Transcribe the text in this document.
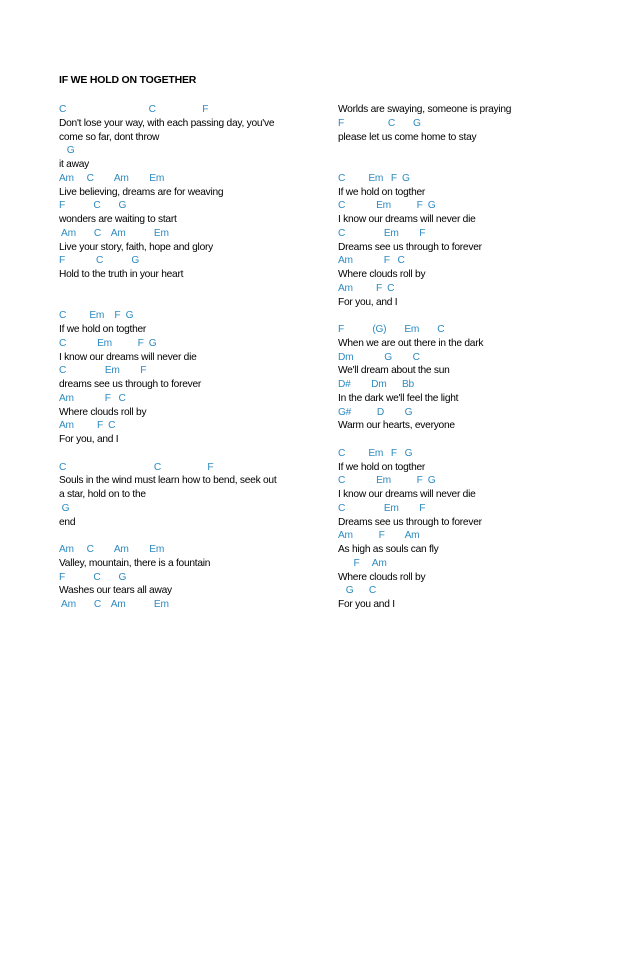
IF WE HOLD ON TOGETHER
C                                C                  F
Don't lose your way, with each passing day, you've
come so far, dont throw
G
it away
Am     C        Am        Em
Live believing, dreams are for weaving
F           C       G
wonders are waiting to start
Am       C    Am           Em
Live your story, faith, hope and glory
F            C           G
Hold to the truth in your heart
C         Em    F  G
If we hold on togther
C            Em          F  G
I know our dreams will never die
C               Em        F
dreams see us through to forever
Am            F   C
Where clouds roll by
Am         F  C
For you, and I
C                                  C                  F
Souls in the wind must learn how to bend, seek out
a star, hold on to the
G
end
Am     C        Am        Em
Valley, mountain, there is a fountain
F           C       G
Washes our tears all away
Am       C    Am           Em
Worlds are swaying, someone is praying
F                 C       G
please let us come home to stay
C         Em   F  G
If we hold on togther
C            Em          F  G
I know our dreams will never die
C               Em        F
Dreams see us through to forever
Am            F   C
Where clouds roll by
Am         F  C
For you, and I
F           (G)       Em       C
When we are out there in the dark
Dm            G        C
We'll dream about the sun
D#        Dm      Bb
In the dark we'll feel the light
G#          D        G
Warm our hearts, everyone
C         Em   F   G
If we hold on togther
C            Em          F  G
I know our dreams will never die
C               Em        F
Dreams see us through to forever
Am          F        Am
As high as souls can fly
F     Am
Where clouds roll by
G      C
For you and I
